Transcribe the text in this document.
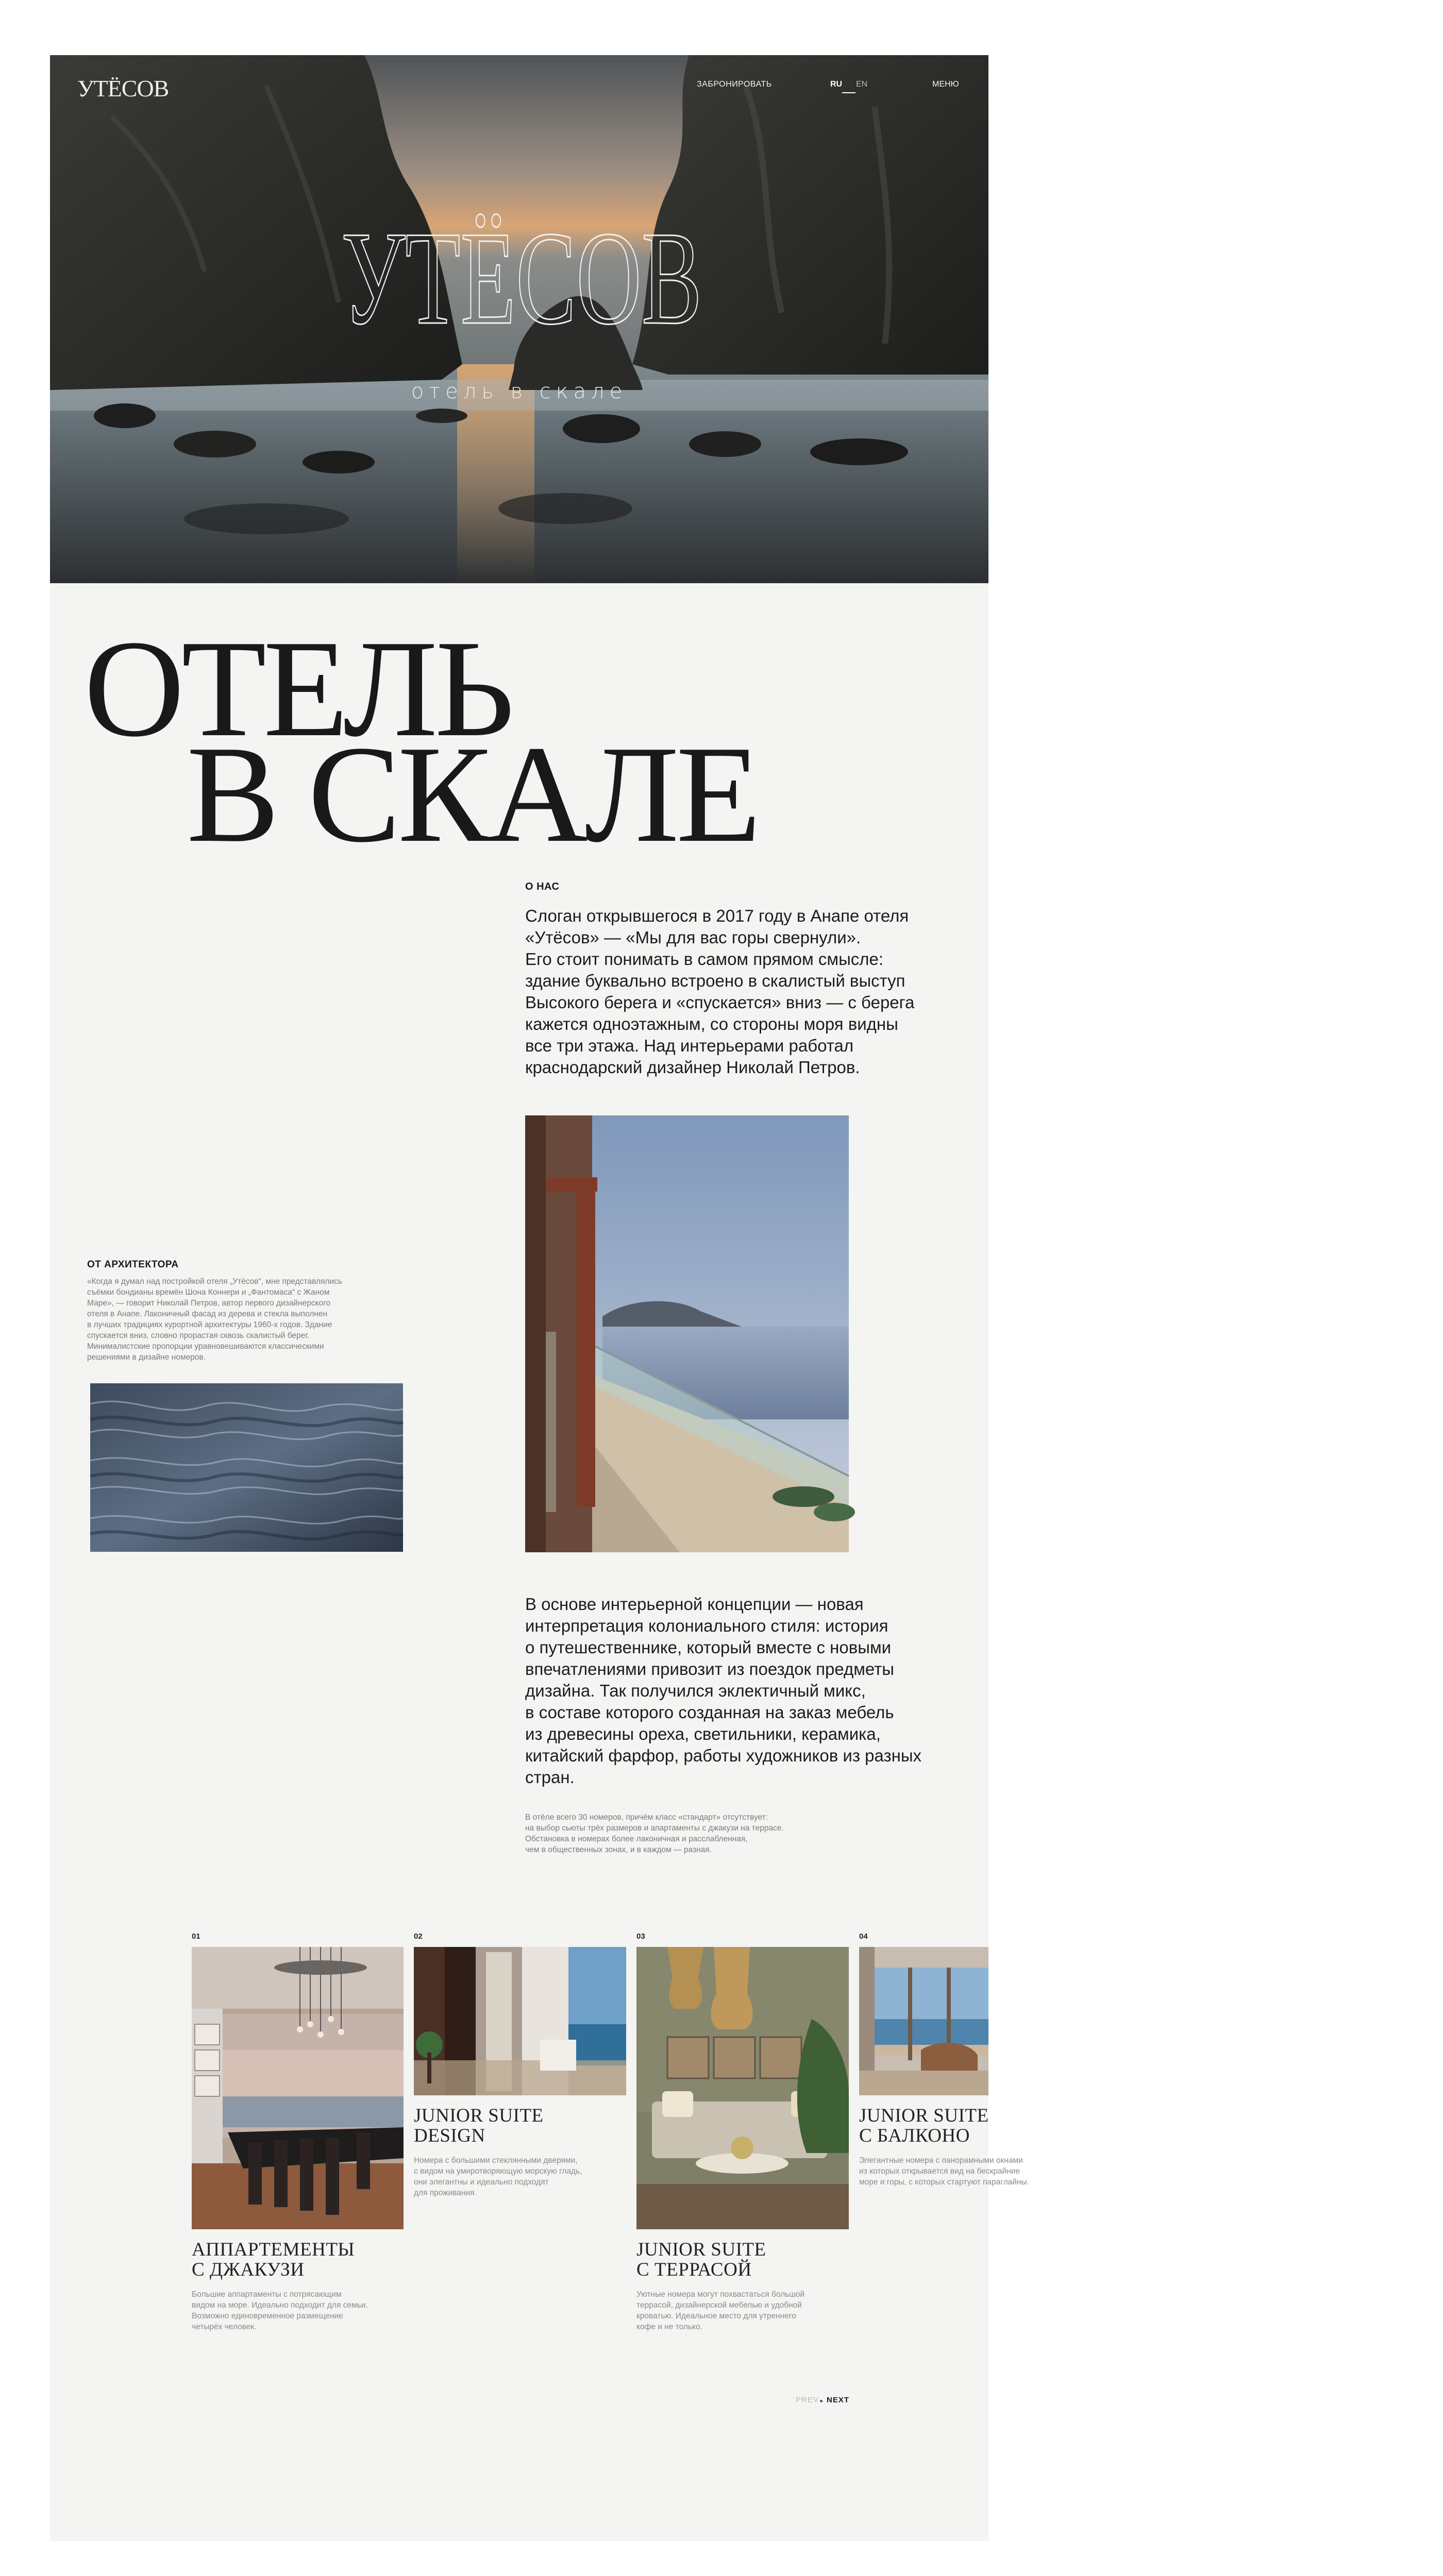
УТЁСОВ	ЗАБРОНИРОВАТЬ	RU EN	МЕНЮ
УТЁСОВ
отель в скале
ОТЕЛЬ
В СКАЛЕ
О НАС
Слоган открывшегося в 2017 году в Анапе отеля
«Утёсов» — «Мы для вас горы свернули».
Его стоит понимать в самом прямом смысле:
здание буквально встроено в скалистый выступ
Высокого берега и «спускается» вниз — с берега
кажется одноэтажным, со стороны моря видны
все три этажа. Над интерьерами работал
краснодарский дизайнер Николай Петров.
ОТ АРХИТЕКТОРА
«Когда я думал над постройкой отеля „Утёсов“, мне представлялись
съёмки бондианы времён Шона Коннери и „Фантомаса“ с Жаном
Маре», — говорит Николай Петров, автор первого дизайнерского
отеля в Анапе. Лаконичный фасад из дерева и стекла выполнен
в лучших традициях курортной архитектуры 1960-х годов. Здание
спускается вниз, словно прорастая сквозь скалистый берег.
Минималистские пропорции уравновешиваются классическими
решениями в дизайне номеров.
В основе интерьерной концепции — новая
интерпретация колониального стиля: история
о путешественнике, который вместе с новыми
впечатлениями привозит из поездок предметы
дизайна. Так получился эклектичный микс,
в составе которого созданная на заказ мебель
из древесины ореха, светильники, керамика,
китайский фарфор, работы художников из разных
стран.
В отёле всего 30 номеров, причём класс «стандарт» отсутствует:
на выбор сьюты трёх размеров и апартаменты с джакузи на террасе.
Обстановка в номерах более лаконичная и расслабленная,
чем в общественных зонах, и в каждом — разная.
01
АППАРТЕМЕНТЫ
С ДЖАКУЗИ
Большие аппартаменты с потрясающим
видом на море. Идеально подходит для семьи.
Возможно единовременное размещение
четырёх человек.
02
JUNIOR SUITE
DESIGN
Номера с большими стеклянными дверями,
с видом на умиротворяющую морскую гладь,
они элегантны и идеально подходят
для проживания.
03
JUNIOR SUITE
С ТЕРРАСОЙ
Уютные номера могут похвастаться большой
террасой, дизайнерской мебелью и удобной
кроватью. Идеальное место для утреннего
кофе и не только.
04
JUNIOR SUITE
С БАЛКОНО
Элегантные номера с панорамными окнами
из которых открывается вид на бескрайние
море и горы, с которых стартуют параглайны.
PREV NEXT
